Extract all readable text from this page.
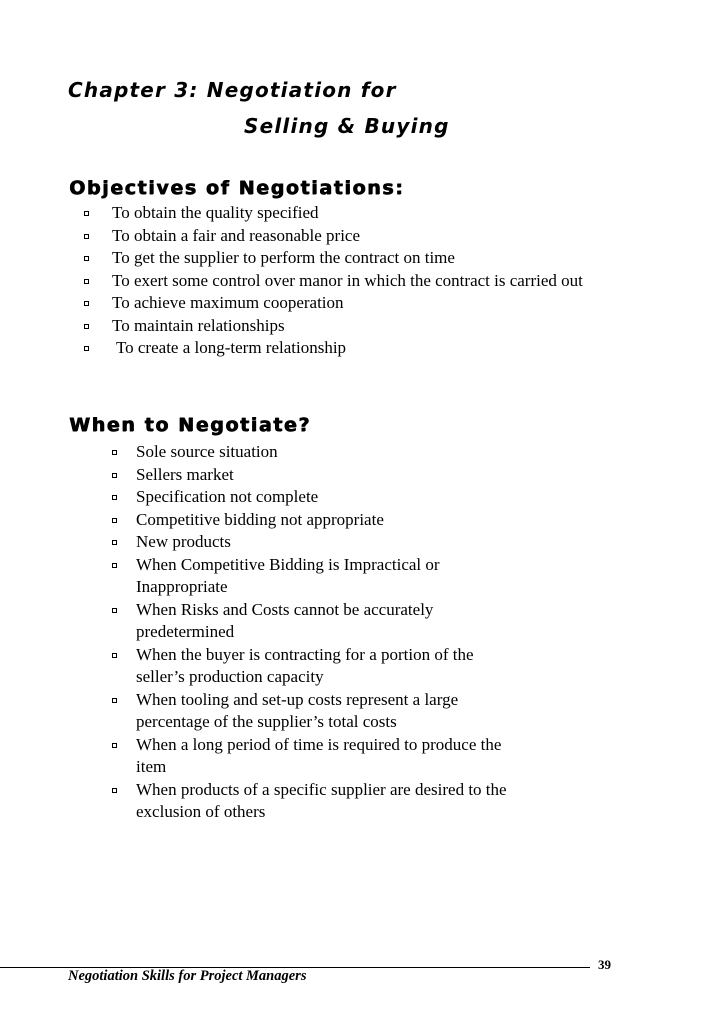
Chapter 3: Negotiation for
Selling & Buying
Objectives of Negotiations:
To obtain the quality specified
To obtain a fair and reasonable price
To get the supplier to perform the contract on time
To exert some control over manor in which the contract is carried out
To achieve maximum cooperation
To maintain relationships
To create a long-term relationship
When to Negotiate?
Sole source situation
Sellers market
Specification not complete
Competitive bidding not appropriate
New products
When Competitive Bidding is Impractical or
Inappropriate
When Risks and Costs cannot be accurately
predetermined
When the buyer is contracting for a portion of the
seller’s production capacity
When tooling and set-up costs represent a large
percentage of the supplier’s total costs
When a long period of time is required to produce the
item
When products of a specific supplier are desired to the
exclusion of others

Negotiation Skills for Project Managers

39
